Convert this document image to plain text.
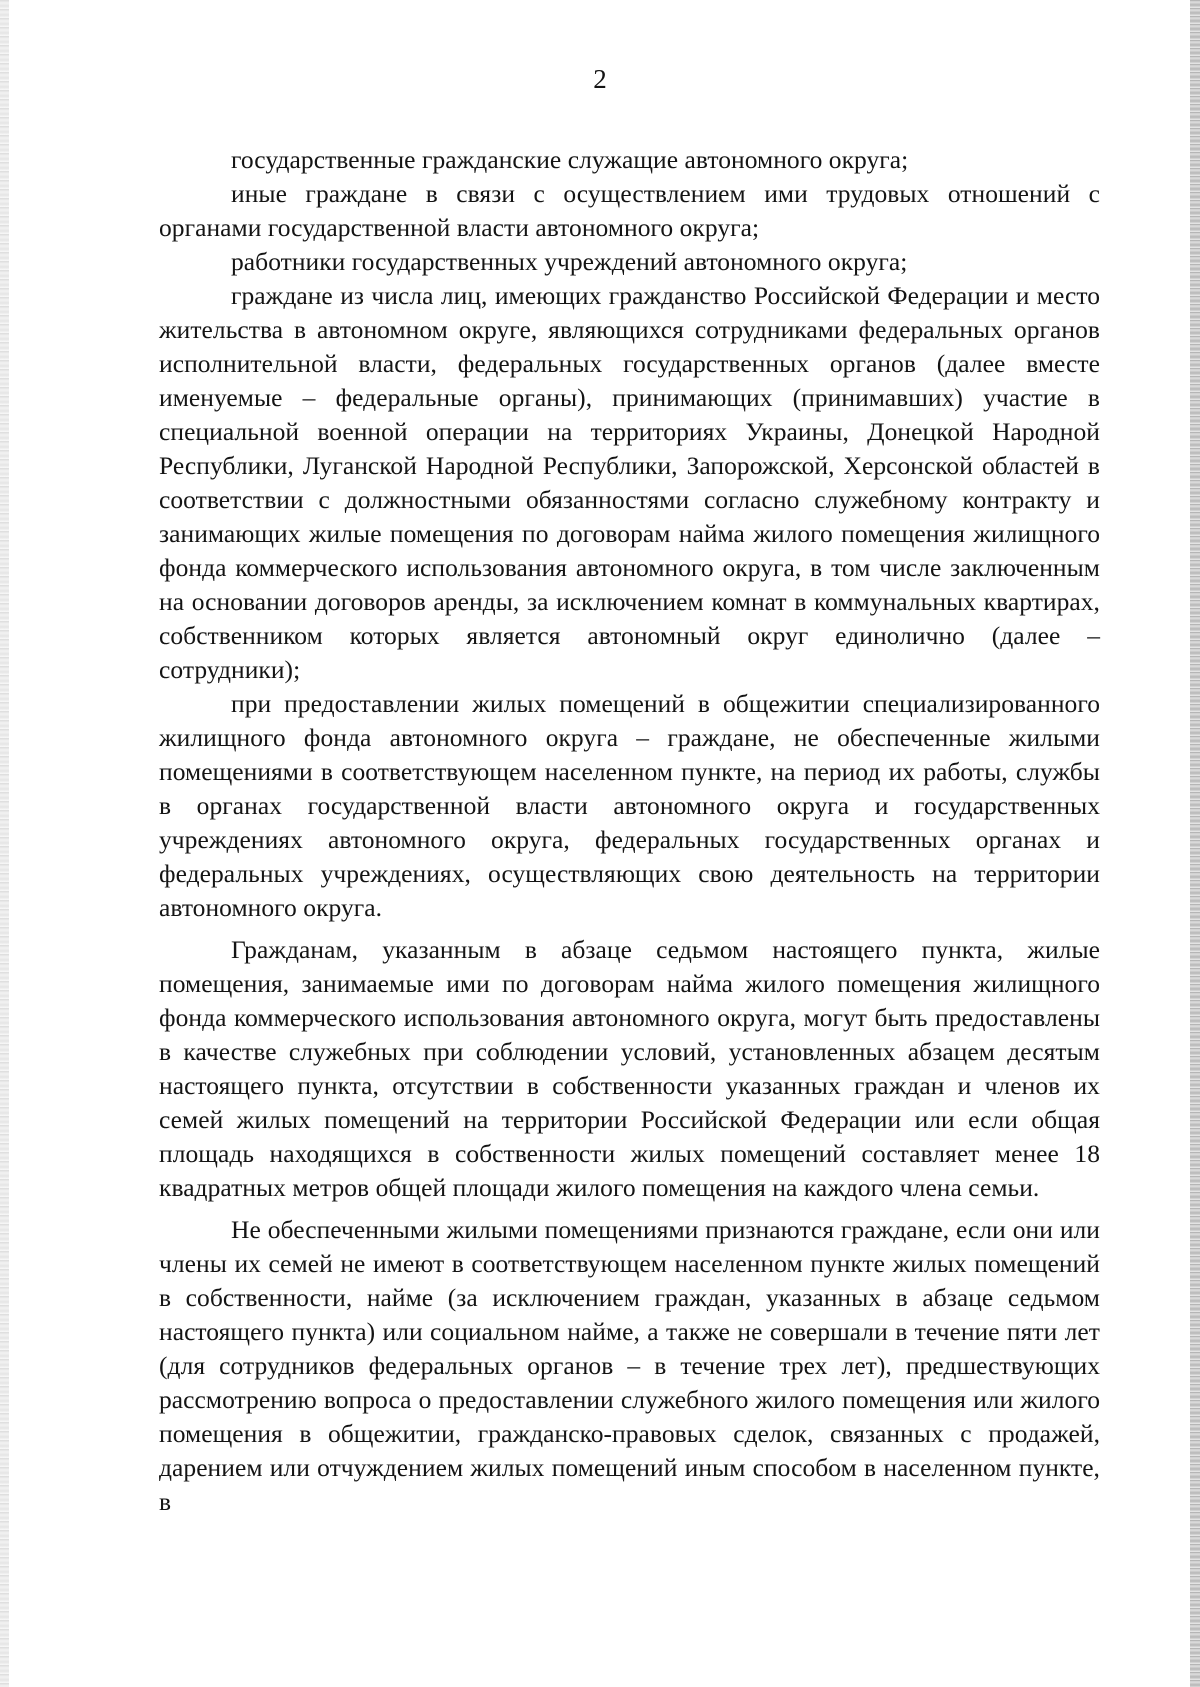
2

государственные гражданские служащие автономного округа;

иные граждане в связи с осуществлением ими трудовых отношений с органами государственной власти автономного округа;

работники государственных учреждений автономного округа;

граждане из числа лиц, имеющих гражданство Российской Федерации и место жительства в автономном округе, являющихся сотрудниками федеральных органов исполнительной власти, федеральных государственных органов (далее вместе именуемые – федеральные органы), принимающих (принимавших) участие в специальной военной операции на территориях Украины, Донецкой Народной Республики, Луганской Народной Республики, Запорожской, Херсонской областей в соответствии с должностными обязанностями согласно служебному контракту и занимающих жилые помещения по договорам найма жилого помещения жилищного фонда коммерческого использования автономного округа, в том числе заключенным на основании договоров аренды, за исключением комнат в коммунальных квартирах, собственником которых является автономный округ единолично (далее – сотрудники);

при предоставлении жилых помещений в общежитии специализированного жилищного фонда автономного округа – граждане, не обеспеченные жилыми помещениями в соответствующем населенном пункте, на период их работы, службы в органах государственной власти автономного округа и государственных учреждениях автономного округа, федеральных государственных органах и федеральных учреждениях, осуществляющих свою деятельность на территории автономного округа.

Гражданам, указанным в абзаце седьмом настоящего пункта, жилые помещения, занимаемые ими по договорам найма жилого помещения жилищного фонда коммерческого использования автономного округа, могут быть предоставлены в качестве служебных при соблюдении условий, установленных абзацем десятым настоящего пункта, отсутствии в собственности указанных граждан и членов их семей жилых помещений на территории Российской Федерации или если общая площадь находящихся в собственности жилых помещений составляет менее 18 квадратных метров общей площади жилого помещения на каждого члена семьи.

Не обеспеченными жилыми помещениями признаются граждане, если они или члены их семей не имеют в соответствующем населенном пункте жилых помещений в собственности, найме (за исключением граждан, указанных в абзаце седьмом настоящего пункта) или социальном найме, а также не совершали в течение пяти лет (для сотрудников федеральных органов – в течение трех лет), предшествующих рассмотрению вопроса о предоставлении служебного жилого помещения или жилого помещения в общежитии, гражданско-правовых сделок, связанных с продажей, дарением или отчуждением жилых помещений иным способом в населенном пункте, в
